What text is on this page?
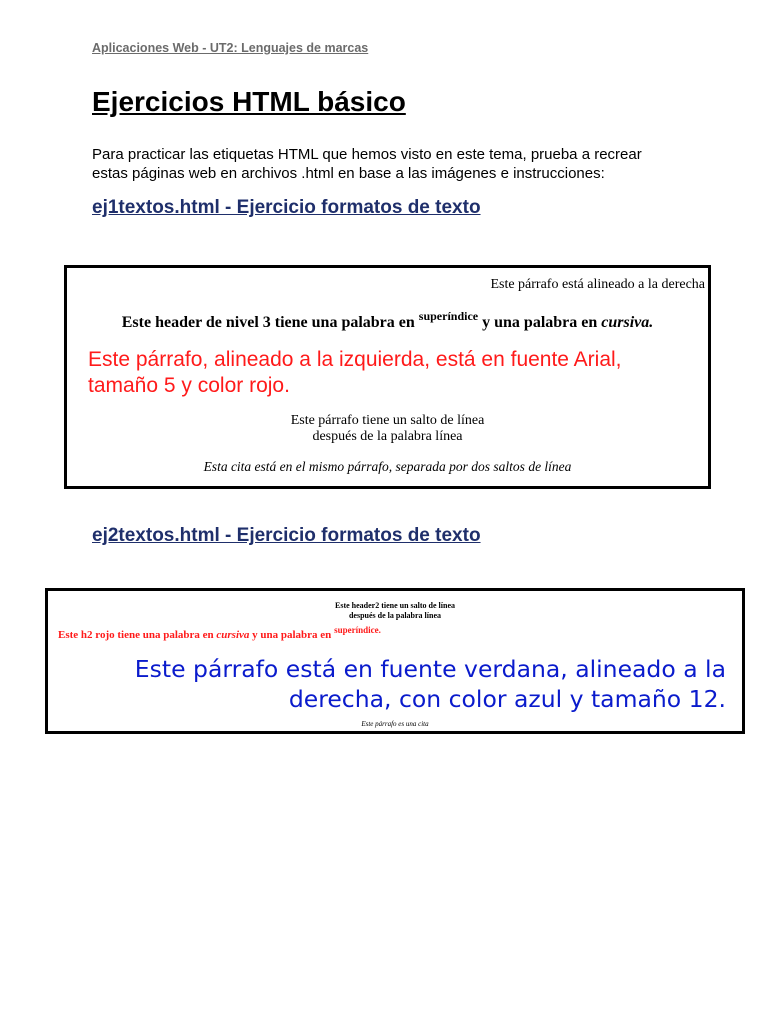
Aplicaciones Web - UT2: Lenguajes de marcas
Ejercicios HTML básico

Para practicar las etiquetas HTML que hemos visto en este tema, prueba a recrear
estas páginas web en archivos .html en base a las imágenes e instrucciones:

ej1textos.html - Ejercicio formatos de texto
Este párrafo está alineado a la derecha
Este header de nivel 3 tiene una palabra en $^{superíndice}$ y una palabra en cursiva.
Este párrafo, alineado a la izquierda, está en fuente Arial,
tamaño 5 y color rojo.
Este párrafo tiene un salto de línea
después de la palabra línea
Esta cita está en el mismo párrafo, separada por dos saltos de línea
ej2textos.html - Ejercicio formatos de texto
Este header2 tiene un salto de línea
después de la palabra línea
Este h2 rojo tiene una palabra en cursiva y una palabra en $^{superíndice.}$
Este párrafo está en fuente verdana, alineado a la
derecha, con color azul y tamaño 12.
Este párrafo es una cita
